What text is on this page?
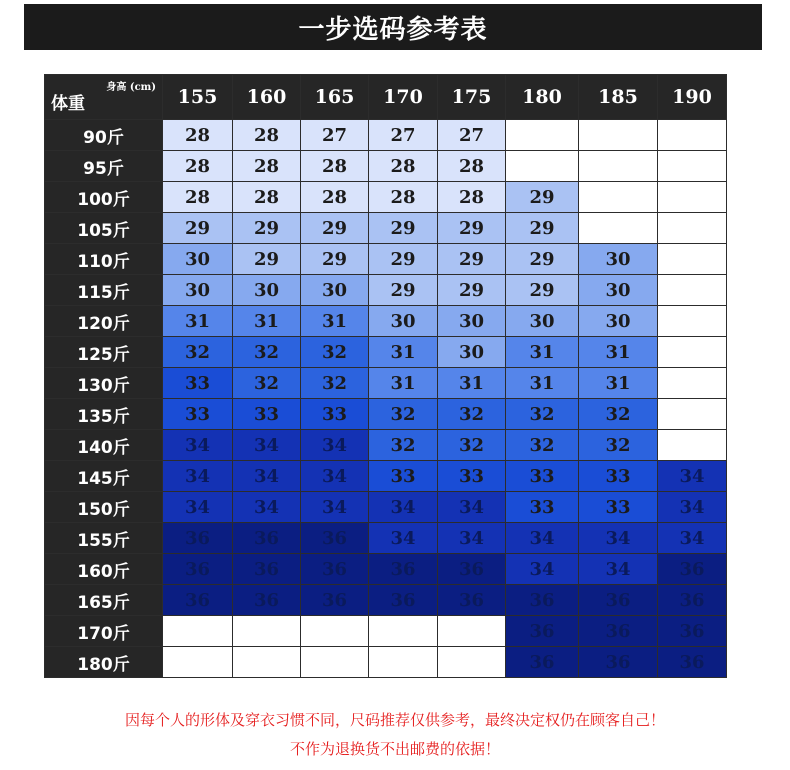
一步选码参考表
身高 (cm)
体重	155	160	165	170	175	180	185	190
90斤	28	28	27	27	27			
95斤	28	28	28	28	28			
100斤	28	28	28	28	28	29		
105斤	29	29	29	29	29	29		
110斤	30	29	29	29	29	29	30	
115斤	30	30	30	29	29	29	30	
120斤	31	31	31	30	30	30	30	
125斤	32	32	32	31	30	31	31	
130斤	33	32	32	31	31	31	31	
135斤	33	33	33	32	32	32	32	
140斤	34	34	34	32	32	32	32	
145斤	34	34	34	33	33	33	33	34
150斤	34	34	34	34	34	33	33	34
155斤	36	36	36	34	34	34	34	34
160斤	36	36	36	36	36	34	34	36
165斤	36	36	36	36	36	36	36	36
170斤						36	36	36
180斤						36	36	36
因每个人的形体及穿衣习惯不同，尺码推荐仅供参考，最终决定权仍在顾客自己！
不作为退换货不出邮费的依据！
